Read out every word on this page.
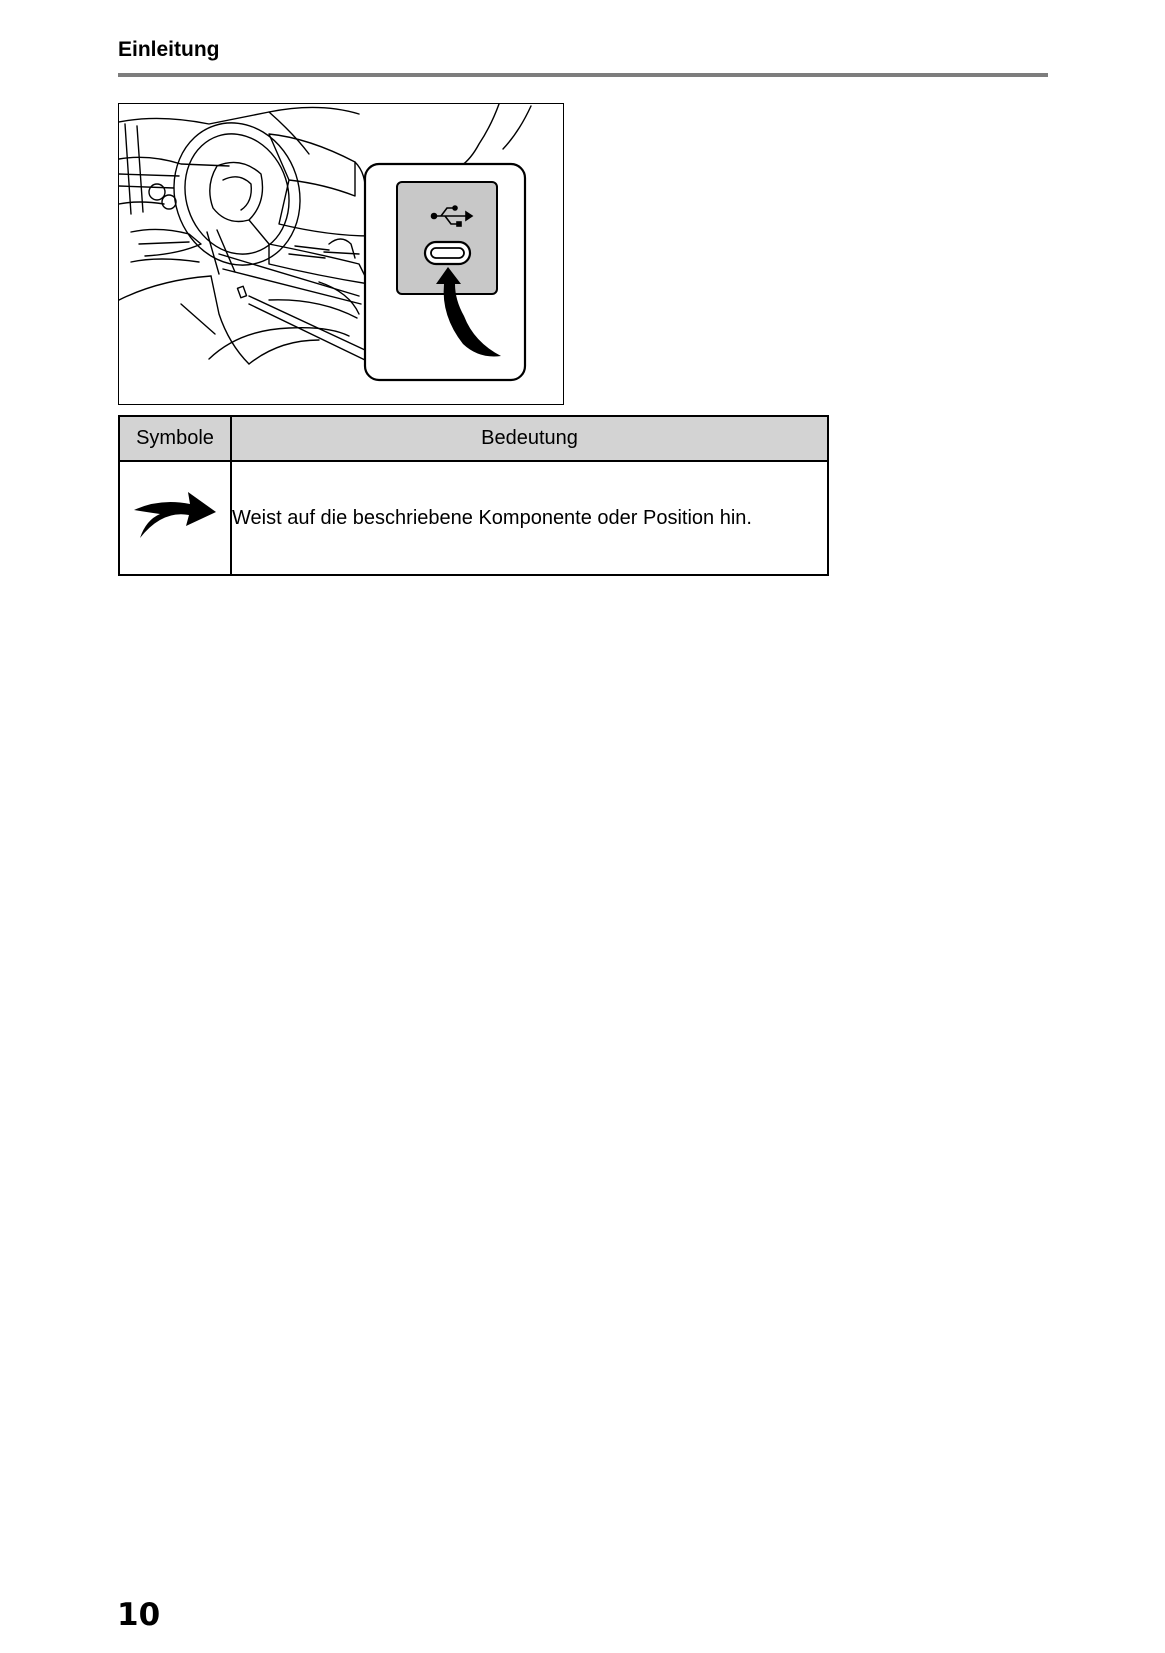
Einleitung
Symbole	Bedeutung
	Weist auf die beschriebene Komponente oder Position hin.
10
